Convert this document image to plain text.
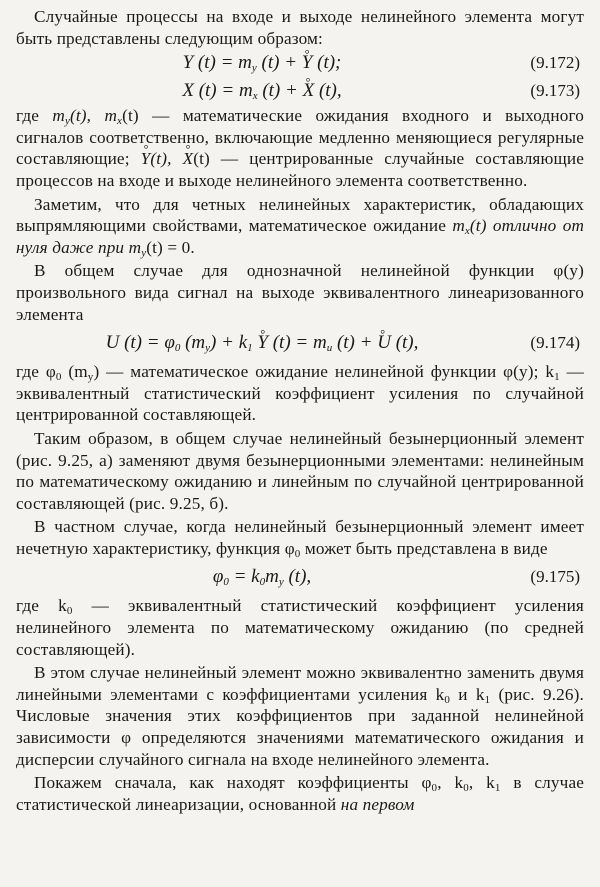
Случайные процессы на входе и выходе нелинейного элемента могут быть представлены следующим образом:

Y $(t) = m_y$ (t) + ° Y (t);	(9.172)
X $(t) = m_x$ (t) + ° X (t),	(9.173)

где $m_y(t)$, $m_x(t)$ — математические ожидания входного и выходного сигналов соответственно, включающие медленно меняющиеся регулярные составляющие; ° Y(t), ° X(t) — центрированные случайные составляющие процессов на входе и выходе нелинейного элемента соответственно.

Заметим, что для четных нелинейных характеристик, обладающих выпрямляющими свойствами, математическое ожидание $m_x(t)$ отлично от нуля даже при $m_y(t) = 0$.

В общем случае для однозначной нелинейной функции φ(y) произвольного вида сигнал на выходе эквивалентного линеаризованного элемента

U $(t) = \varphi_0$ $(m_y) + k_1$ ° Y $(t) = m_u$ (t) + ° U (t),	(9.174)

где $\varphi_0$ $(m_y)$ — математическое ожидание нелинейной функции φ(y); $k_1$ — эквивалентный статистический коэффициент усиления по случайной центрированной составляющей.

Таким образом, в общем случае нелинейный безынерционный элемент (рис. 9.25, а) заменяют двумя безынерционными элементами: нелинейным по математическому ожиданию и линейным по случайной центрированной составляющей (рис. 9.25, б).

В частном случае, когда нелинейный безынерционный элемент имеет нечетную характеристику, функция $\varphi_0$ может быть представлена в виде

$\varphi_0 = k_0m_y$ (t),	(9.175)

где $k_0$ — эквивалентный статистический коэффициент усиления нелинейного элемента по математическому ожиданию (по средней составляющей).

В этом случае нелинейный элемент можно эквивалентно заменить двумя линейными элементами с коэффициентами усиления $k_0$ и $k_1$ (рис. 9.26). Числовые значения этих коэффициентов при заданной нелинейной зависимости φ определяются значениями математического ожидания и дисперсии случайного сигнала на входе нелинейного элемента.

Покажем сначала, как находят коэффициенты $\varphi_0$, $k_0$, $k_1$ в случае статистической линеаризации, основанной на первом
